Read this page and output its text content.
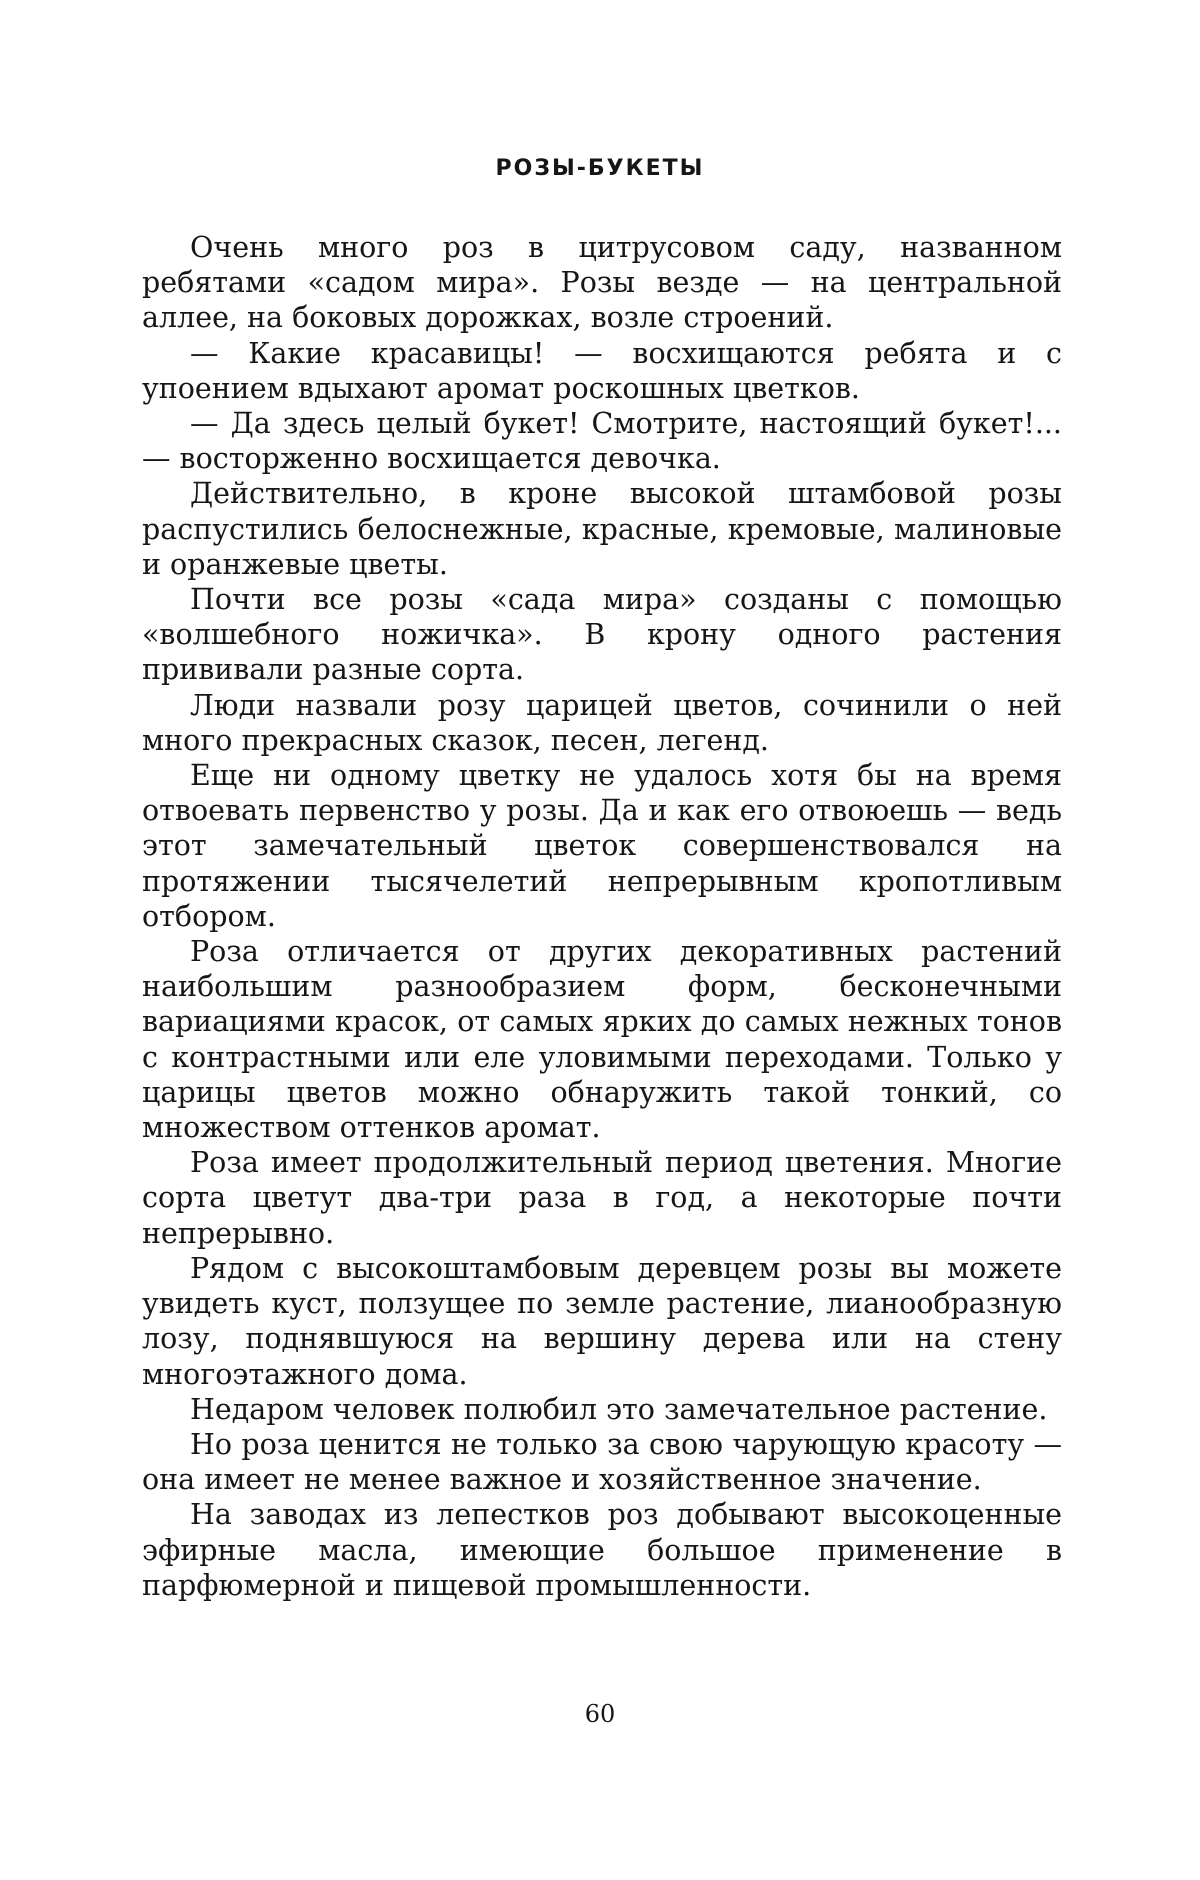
РОЗЫ-БУКЕТЫ

Очень много роз в цитрусовом саду, названном ребятами «садом мира». Розы везде — на центральной аллее, на боковых дорожках, возле строений.

— Какие красавицы! — восхищаются ребята и с упоением вдыхают аромат роскошных цветков.

— Да здесь целый букет! Смотрите, настоящий букет!... — восторженно восхищается девочка.

Действительно, в кроне высокой штамбовой розы распустились белоснежные, красные, кремовые, малиновые и оранжевые цветы.

Почти все розы «сада мира» созданы с помощью «волшебного ножичка». В крону одного растения прививали разные сорта.

Люди назвали розу царицей цветов, сочинили о ней много прекрасных сказок, песен, легенд.

Еще ни одному цветку не удалось хотя бы на время отвоевать первенство у розы. Да и как его отвоюешь — ведь этот замечательный цветок совершенствовался на протяжении тысячелетий непрерывным кропотливым отбором.

Роза отличается от других декоративных растений наибольшим разнообразием форм, бесконечными вариациями красок, от самых ярких до самых нежных тонов с контрастными или еле уловимыми переходами. Только у царицы цветов можно обнаружить такой тонкий, со множеством оттенков аромат.

Роза имеет продолжительный период цветения. Многие сорта цветут два-три раза в год, а некоторые почти непрерывно.

Рядом с высокоштамбовым деревцем розы вы можете увидеть куст, ползущее по земле растение, лианообразную лозу, поднявшуюся на вершину дерева или на стену многоэтажного дома.

Недаром человек полюбил это замечательное растение.

Но роза ценится не только за свою чарующую красоту — она имеет не менее важное и хозяйственное значение.

На заводах из лепестков роз добывают высокоценные эфирные масла, имеющие большое применение в парфюмерной и пищевой промышленности.

60
